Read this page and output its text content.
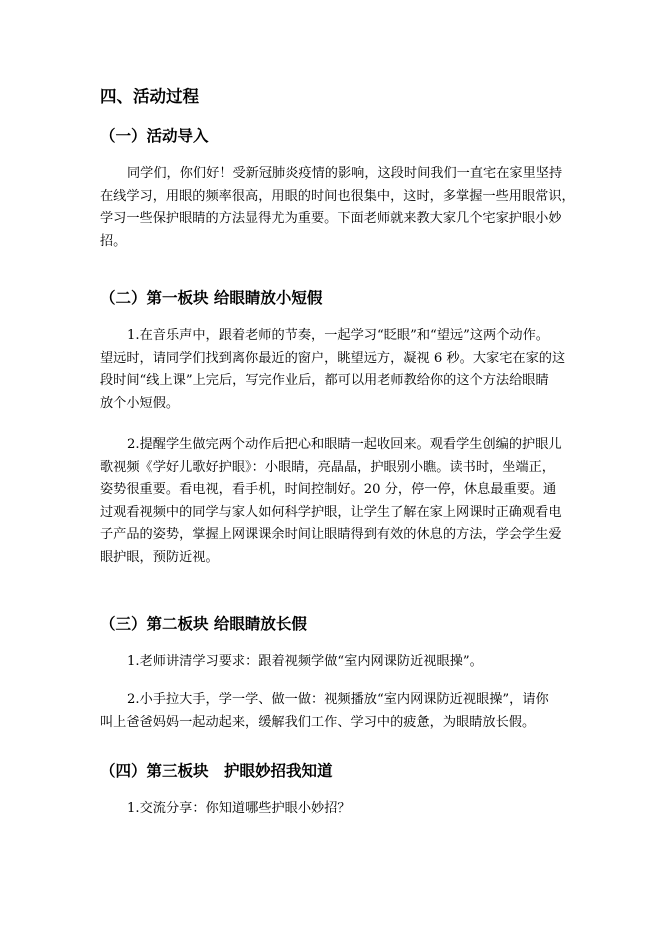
四、活动过程
（一）活动导入

同学们，你们好！受新冠肺炎疫情的影响，这段时间我们一直宅在家里坚持
在线学习，用眼的频率很高，用眼的时间也很集中，这时，多掌握一些用眼常识，
学习一些保护眼睛的方法显得尤为重要。下面老师就来教大家几个宅家护眼小妙
招。

（二）第一板块 给眼睛放小短假

1.在音乐声中，跟着老师的节奏，一起学习“眨眼”和“望远”这两个动作。
望远时，请同学们找到离你最近的窗户，眺望远方，凝视 6 秒。大家宅在家的这
段时间“线上课”上完后，写完作业后，都可以用老师教给你的这个方法给眼睛
放个小短假。

2.提醒学生做完两个动作后把心和眼睛一起收回来。观看学生创编的护眼儿
歌视频《学好儿歌好护眼》：小眼睛，亮晶晶，护眼别小瞧。读书时，坐端正，
姿势很重要。看电视，看手机，时间控制好。20 分，停一停，休息最重要。通
过观看视频中的同学与家人如何科学护眼，让学生了解在家上网课时正确观看电
子产品的姿势，掌握上网课课余时间让眼睛得到有效的休息的方法，学会学生爱
眼护眼，预防近视。

（三）第二板块 给眼睛放长假

1.老师讲清学习要求：跟着视频学做“室内网课防近视眼操”。

2.小手拉大手，学一学、做一做：视频播放“室内网课防近视眼操”，请你
叫上爸爸妈妈一起动起来，缓解我们工作、学习中的疲惫，为眼睛放长假。

（四）第三板块　护眼妙招我知道

1.交流分享：你知道哪些护眼小妙招？
